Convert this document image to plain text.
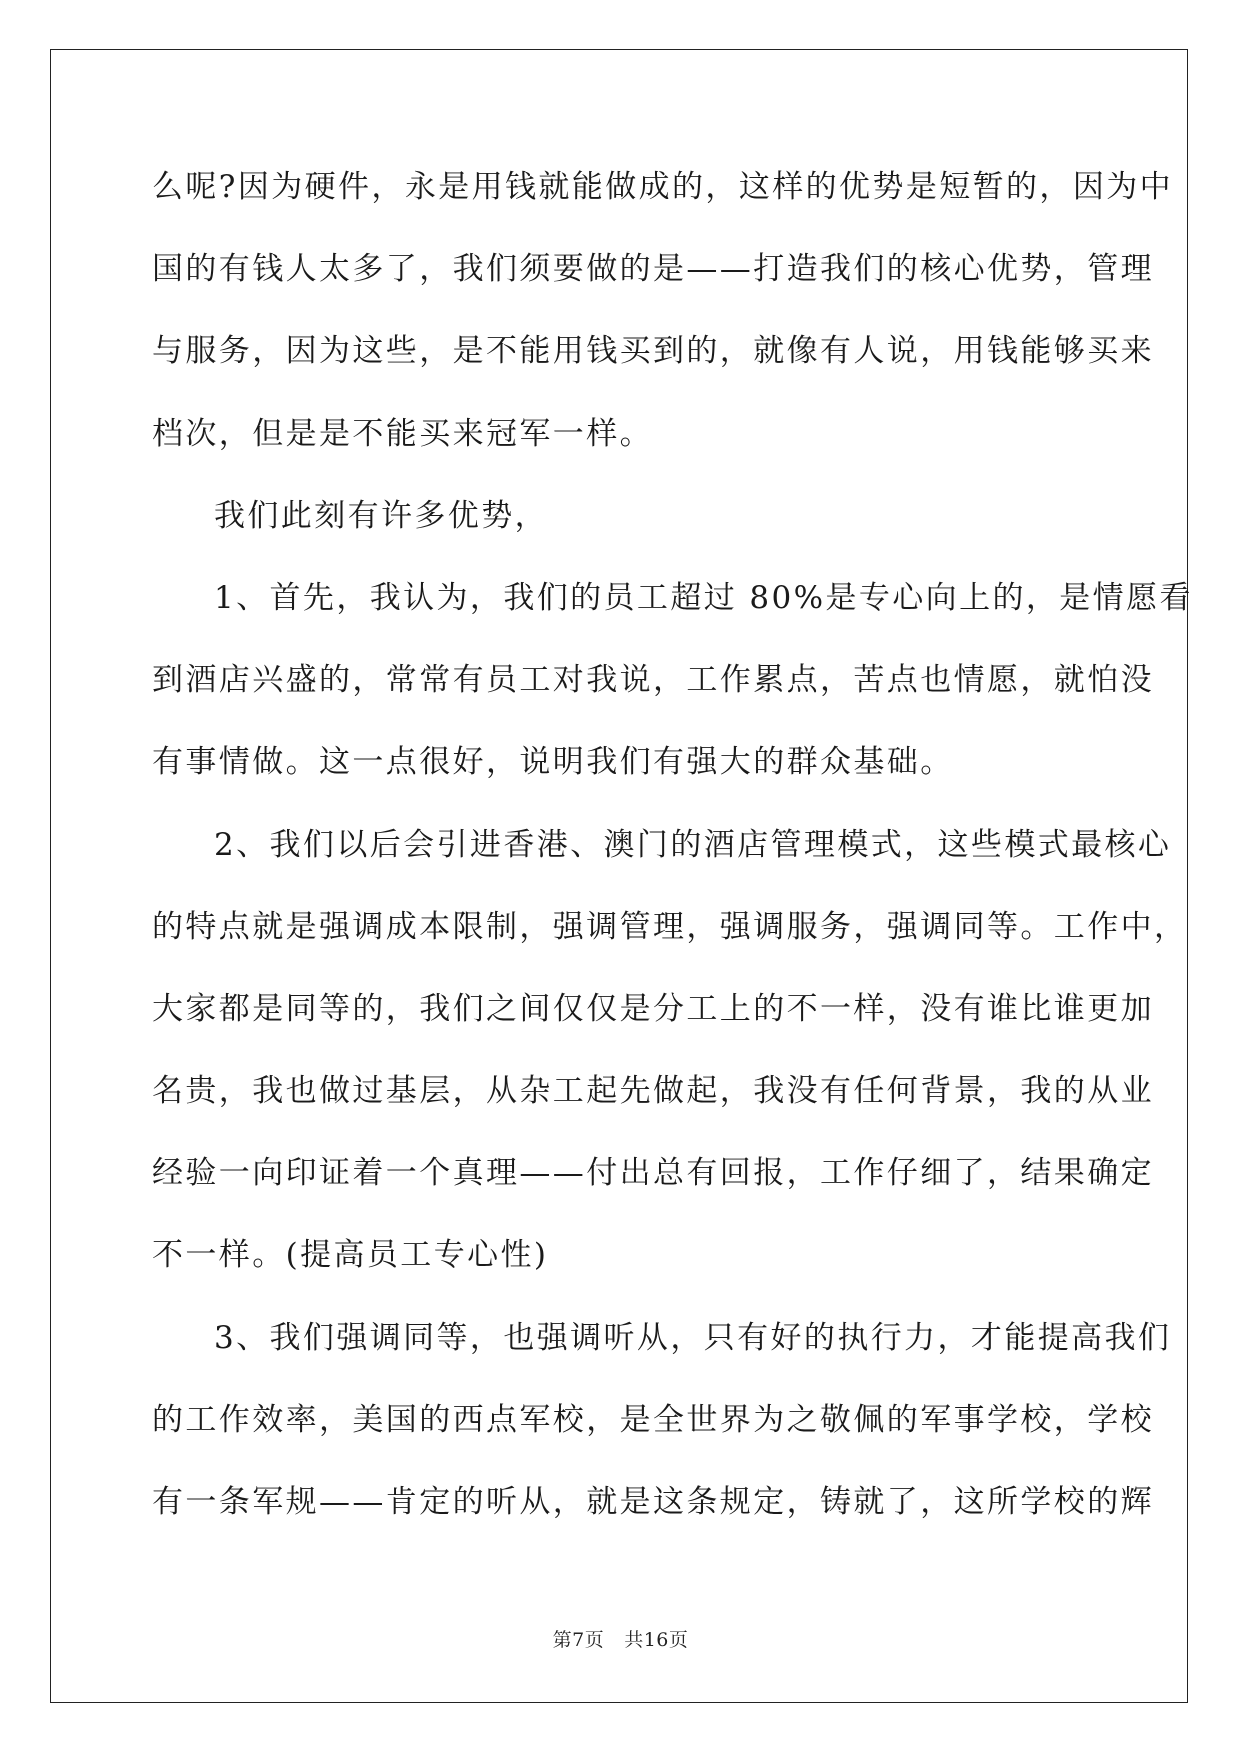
么呢?因为硬件，永是用钱就能做成的，这样的优势是短暂的，因为中
国的有钱人太多了，我们须要做的是——打造我们的核心优势，管理
与服务，因为这些，是不能用钱买到的，就像有人说，用钱能够买来
档次，但是是不能买来冠军一样。
我们此刻有许多优势，
1、首先，我认为，我们的员工超过 80%是专心向上的，是情愿看
到酒店兴盛的，常常有员工对我说，工作累点，苦点也情愿，就怕没
有事情做。这一点很好，说明我们有强大的群众基础。
2、我们以后会引进香港、澳门的酒店管理模式，这些模式最核心
的特点就是强调成本限制，强调管理，强调服务，强调同等。工作中，
大家都是同等的，我们之间仅仅是分工上的不一样，没有谁比谁更加
名贵，我也做过基层，从杂工起先做起，我没有任何背景，我的从业
经验一向印证着一个真理——付出总有回报，工作仔细了，结果确定
不一样。(提高员工专心性)
3、我们强调同等，也强调听从，只有好的执行力，才能提高我们
的工作效率，美国的西点军校，是全世界为之敬佩的军事学校，学校
有一条军规——肯定的听从，就是这条规定，铸就了，这所学校的辉
第7页 共16页
